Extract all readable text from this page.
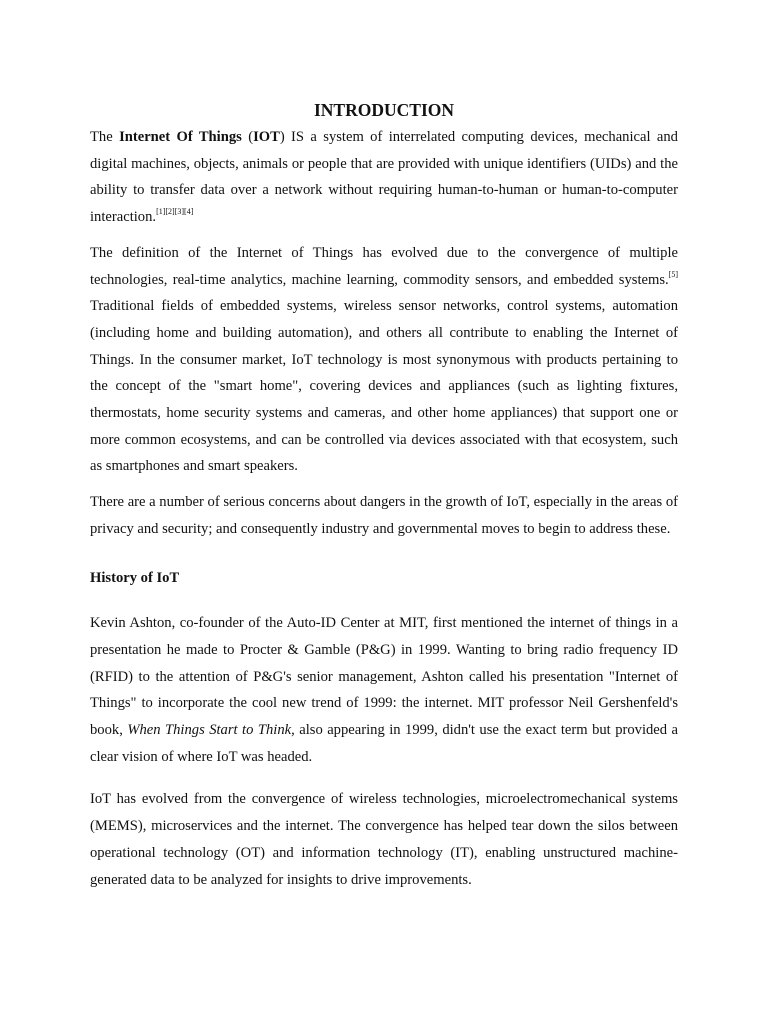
INTRODUCTION

The Internet Of Things (IOT) IS a system of interrelated computing devices, mechanical and digital machines, objects, animals or people that are provided with unique identifiers (UIDs) and the ability to transfer data over a network without requiring human-to-human or human-to-computer interaction.[1][2][3][4]

The definition of the Internet of Things has evolved due to the convergence of multiple technologies, real-time analytics, machine learning, commodity sensors, and embedded systems.[5] Traditional fields of embedded systems, wireless sensor networks, control systems, automation (including home and building automation), and others all contribute to enabling the Internet of Things. In the consumer market, IoT technology is most synonymous with products pertaining to the concept of the "smart home", covering devices and appliances (such as lighting fixtures, thermostats, home security systems and cameras, and other home appliances) that support one or more common ecosystems, and can be controlled via devices associated with that ecosystem, such as smartphones and smart speakers.

There are a number of serious concerns about dangers in the growth of IoT, especially in the areas of privacy and security; and consequently industry and governmental moves to begin to address these.

History of IoT

Kevin Ashton, co-founder of the Auto-ID Center at MIT, first mentioned the internet of things in a presentation he made to Procter & Gamble (P&G) in 1999. Wanting to bring radio frequency ID (RFID) to the attention of P&G's senior management, Ashton called his presentation "Internet of Things" to incorporate the cool new trend of 1999: the internet. MIT professor Neil Gershenfeld's book, When Things Start to Think, also appearing in 1999, didn't use the exact term but provided a clear vision of where IoT was headed.

IoT has evolved from the convergence of wireless technologies, microelectromechanical systems (MEMS), microservices and the internet. The convergence has helped tear down the silos between operational technology (OT) and information technology (IT), enabling unstructured machine-generated data to be analyzed for insights to drive improvements.
